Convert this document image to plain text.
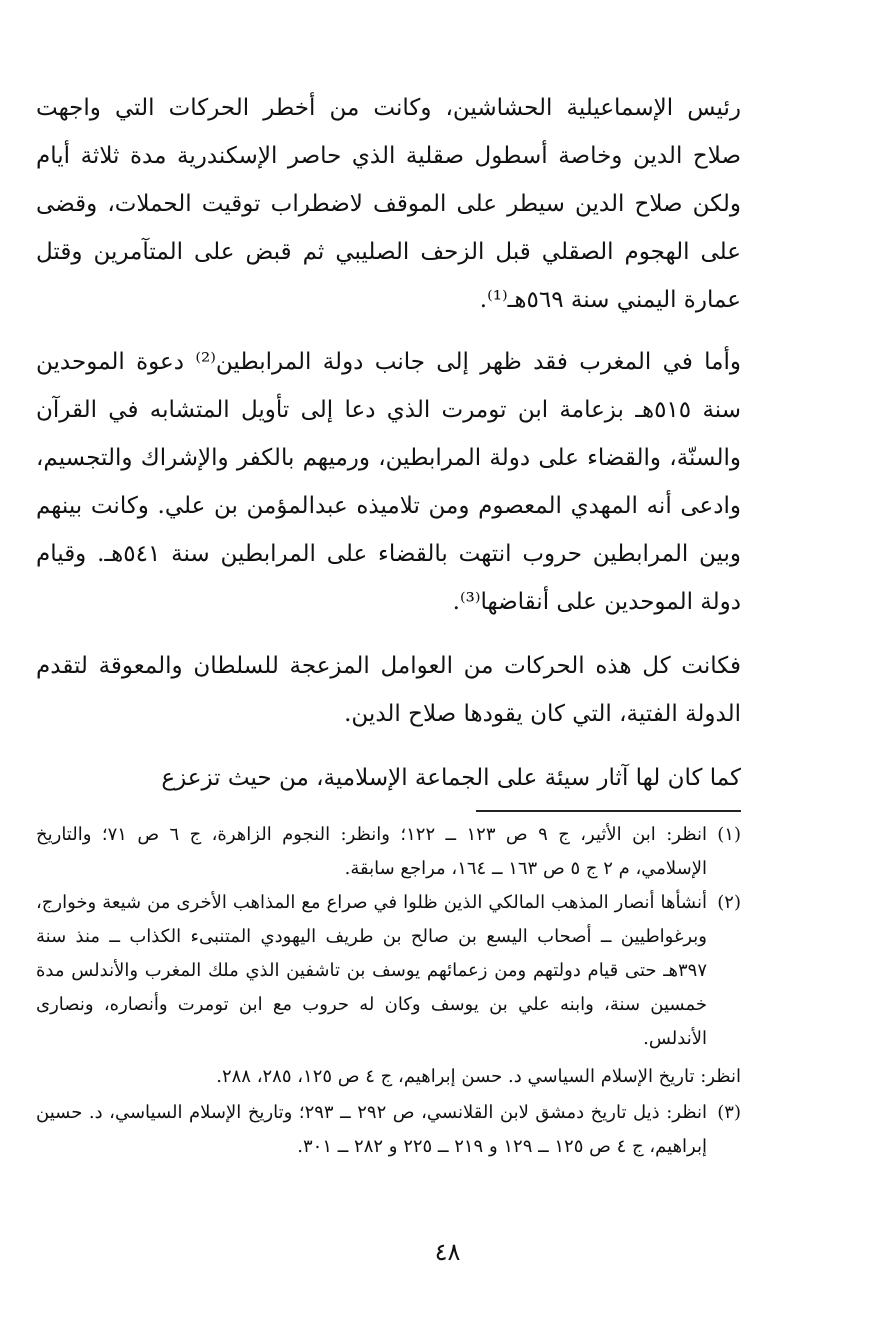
رئيس الإسماعيلية الحشاشين، وكانت من أخطر الحركات التي واجهت صلاح الدين وخاصة أسطول صقلية الذي حاصر الإسكندرية مدة ثلاثة أيام ولكن صلاح الدين سيطر على الموقف لاضطراب توقيت الحملات، وقضى على الهجوم الصقلي قبل الزحف الصليبي ثم قبض على المتآمرين وقتل عمارة اليمني سنة ٥٦٩هـ⁽¹⁾.

وأما في المغرب فقد ظهر إلى جانب دولة المرابطين⁽²⁾ دعوة الموحدين سنة ٥١٥هـ بزعامة ابن تومرت الذي دعا إلى تأويل المتشابه في القرآن والسنّة، والقضاء على دولة المرابطين، ورميهم بالكفر والإشراك والتجسيم، وادعى أنه المهدي المعصوم ومن تلاميذه عبدالمؤمن بن علي. وكانت بينهم وبين المرابطين حروب انتهت بالقضاء على المرابطين سنة ٥٤١هـ. وقيام دولة الموحدين على أنقاضها⁽³⁾.

فكانت كل هذه الحركات من العوامل المزعجة للسلطان والمعوقة لتقدم الدولة الفتية، التي كان يقودها صلاح الدين.

كما كان لها آثار سيئة على الجماعة الإسلامية، من حيث تزعزع

(١)

انظر: ابن الأثير، ج ٩ ص ١٢٣ ــ ١٢٢؛ وانظر: النجوم الزاهرة، ج ٦ ص ٧١؛ والتاريخ الإسلامي، م ٢ ج ٥ ص ١٦٣ ــ ١٦٤، مراجع سابقة.

(٢)

أنشأها أنصار المذهب المالكي الذين ظلوا في صراع مع المذاهب الأخرى من شيعة وخوارج، وبرغواطيين ــ أصحاب اليسع بن صالح بن طريف اليهودي المتنبىء الكذاب ــ منذ سنة ٣٩٧هـ حتى قيام دولتهم ومن زعمائهم يوسف بن تاشفين الذي ملك المغرب والأندلس مدة خمسين سنة، وابنه علي بن يوسف وكان له حروب مع ابن تومرت وأنصاره، ونصارى الأندلس.

انظر: تاريخ الإسلام السياسي د. حسن إبراهيم، ج ٤ ص ١٢٥، ٢٨٥، ٢٨٨.

(٣)

انظر: ذيل تاريخ دمشق لابن القلانسي، ص ٢٩٢ ــ ٢٩٣؛ وتاريخ الإسلام السياسي، د. حسين إبراهيم، ج ٤ ص ١٢٥ ــ ١٢٩ و ٢١٩ ــ ٢٢٥ و ٢٨٢ ــ ٣٠١.

٤٨
